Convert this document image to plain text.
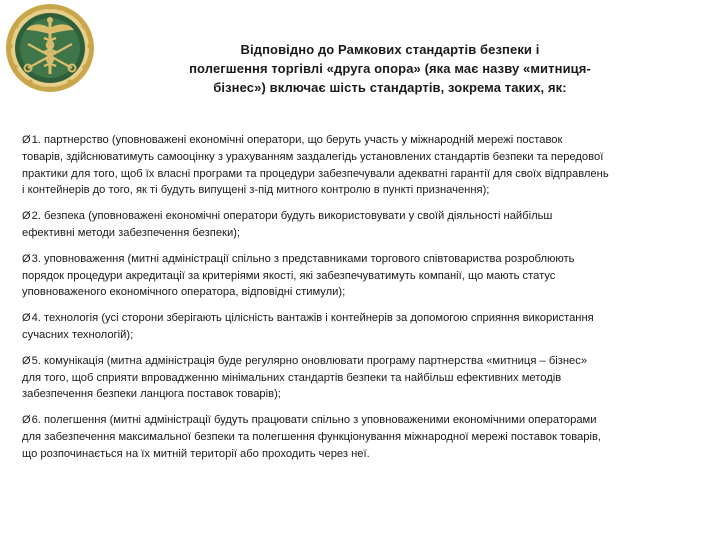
Відповідно до Рамкових стандартів безпеки і
полегшення торгівлі «друга опора» (яка має назву «митниця-
бізнес») включає шість стандартів, зокрема таких, як:
Ø1. партнерство (уповноважені економічні оператори, що беруть участь у міжнародній мережі поставок
товарів, здійснюватимуть самооцінку з урахуванням заздалегідь установлених стандартів безпеки та передової
практики для того, щоб їх власні програми та процедури забезпечували адекватні гарантії для своїх відправлень
і контейнерів до того, як ті будуть випущені з-під митного контролю в пункті призначення);
Ø2. безпека (уповноважені економічні оператори будуть використовувати у своїй діяльності найбільш
ефективні методи забезпечення безпеки);
Ø3. уповноваження (митні адміністрації спільно з представниками торгового співтовариства розроблюють
порядок процедури акредитації за критеріями якості, які забезпечуватимуть компанії, що мають статус
уповноваженого економічного оператора, відповідні стимули);
Ø4. технологія (усі сторони зберігають цілісність вантажів і контейнерів за допомогою сприяння використання
сучасних технологій);
Ø5. комунікація (митна адміністрація буде регулярно оновлювати програму партнерства «митниця – бізнес»
для того, щоб сприяти впровадженню мінімальних стандартів безпеки та найбільш ефективних методів
забезпечення безпеки ланцюга поставок товарів);
Ø6. полегшення (митні адміністрації будуть працювати спільно з уповноваженими економічними операторами
для забезпечення максимальної безпеки та полегшення функціонування міжнародної мережі поставок товарів,
що розпочинається на їх митній території або проходить через неї.
